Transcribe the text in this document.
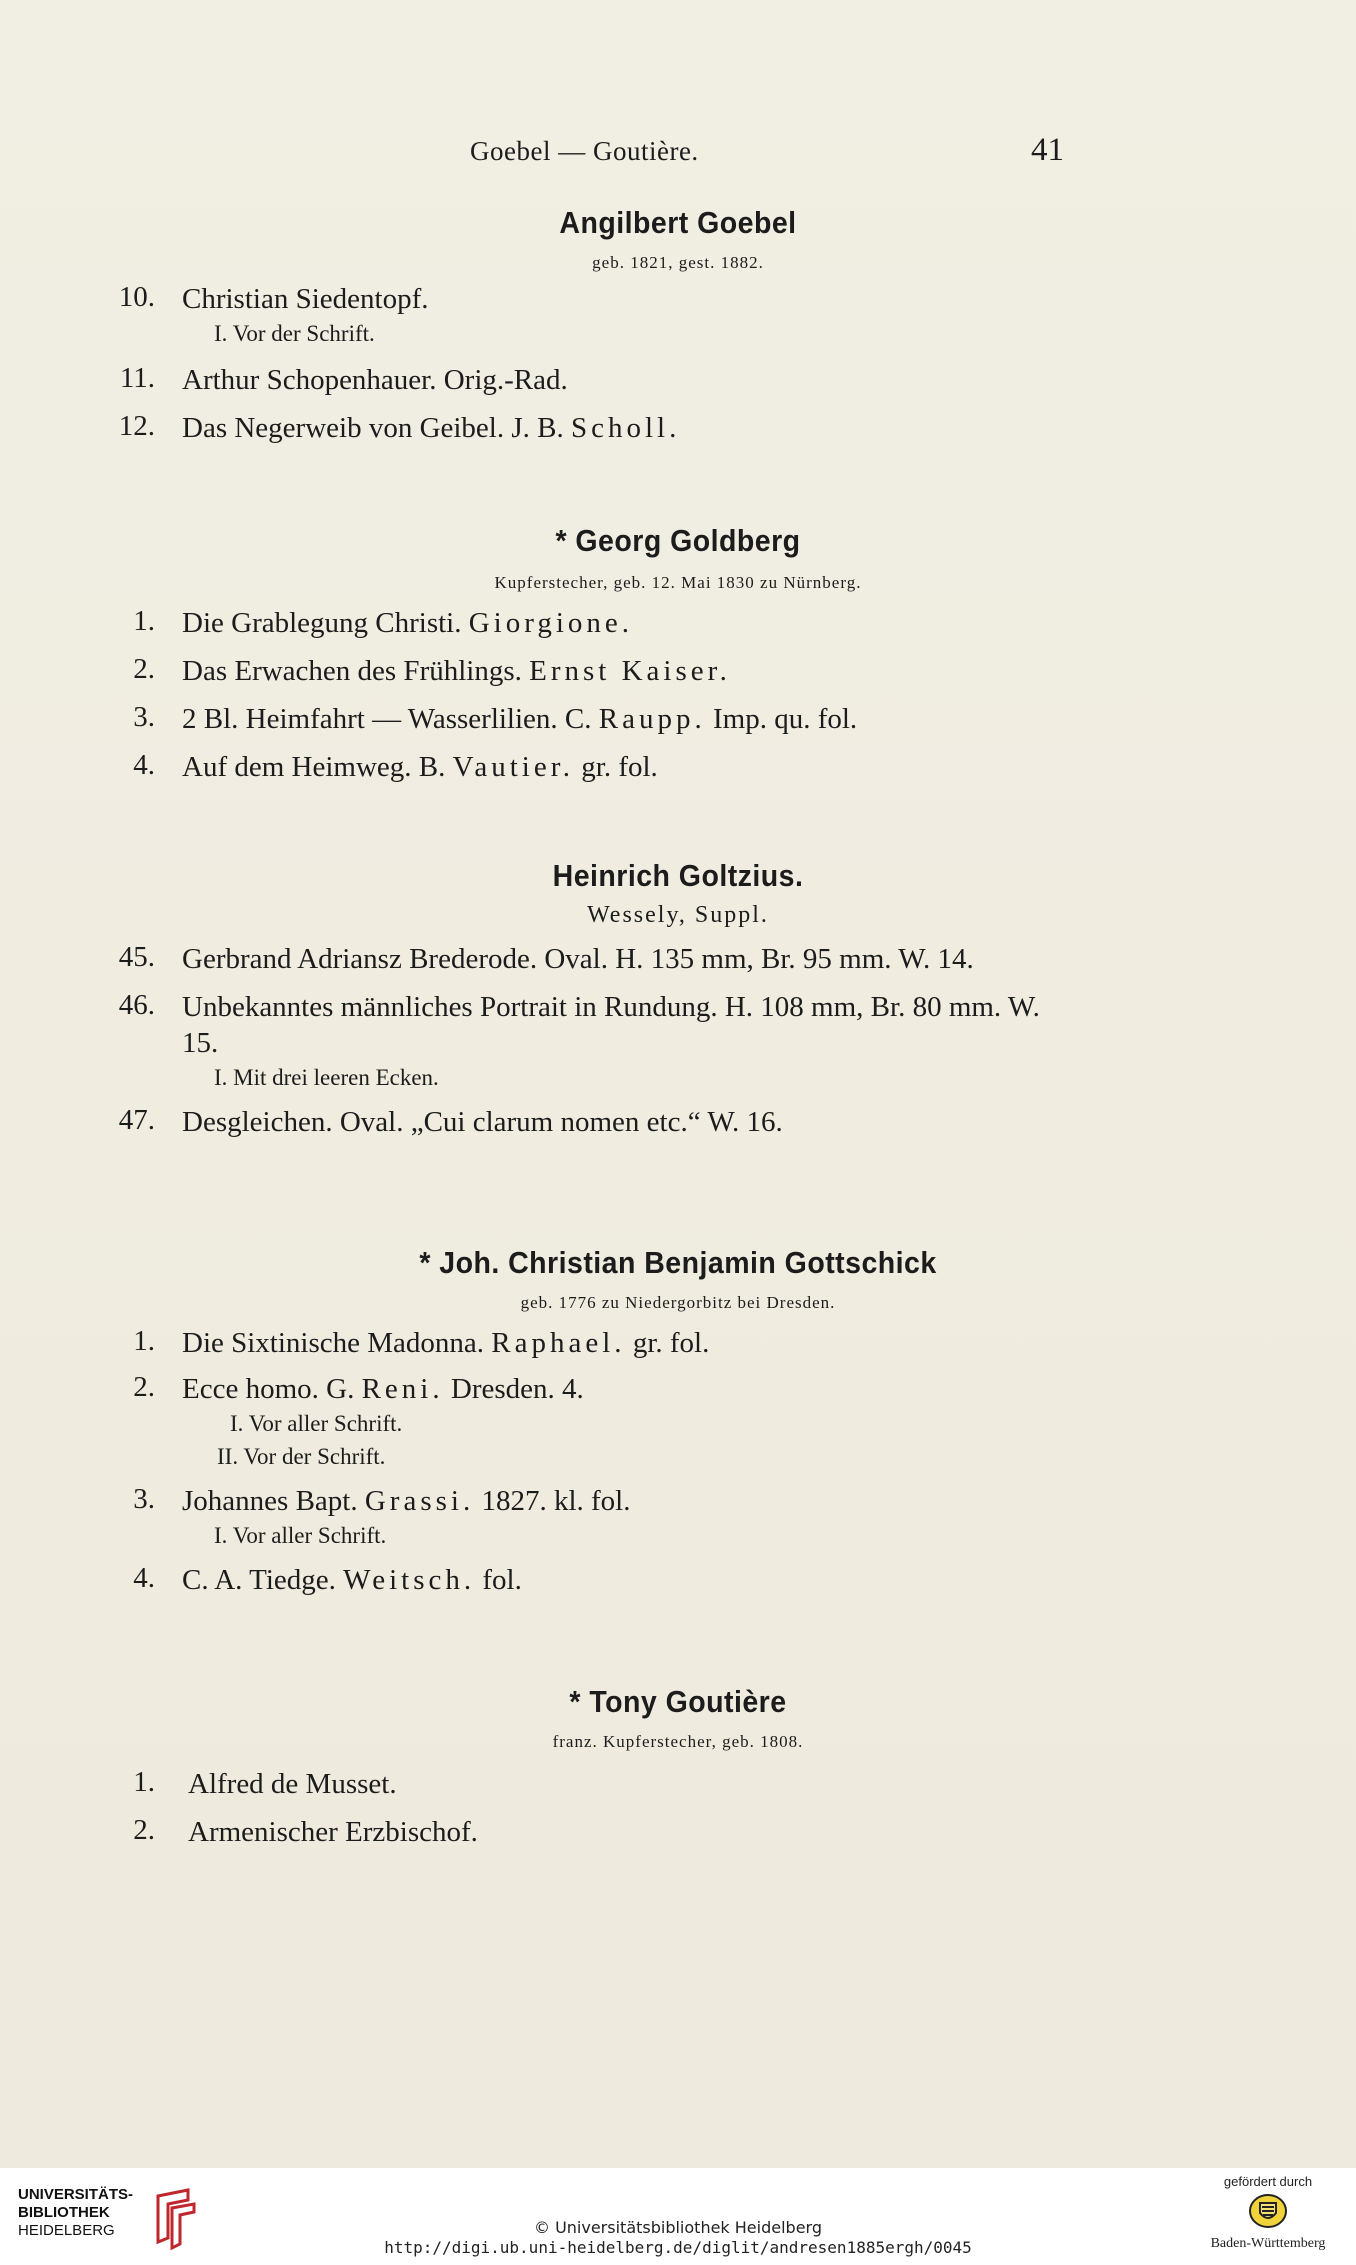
Goebel — Goutière.	41
Angilbert Goebel
geb. 1821, gest. 1882.
10. Christian Siedentopf.
I. Vor der Schrift.
11. Arthur Schopenhauer. Orig.-Rad.
12. Das Negerweib von Geibel. J. B. Scholl.
* Georg Goldberg
Kupferstecher, geb. 12. Mai 1830 zu Nürnberg.
1. Die Grablegung Christi. Giorgione.
2. Das Erwachen des Frühlings. Ernst Kaiser.
3. 2 Bl. Heimfahrt — Wasserlilien. C. Raupp. Imp. qu. fol.
4. Auf dem Heimweg. B. Vautier. gr. fol.
Heinrich Goltzius.
Wessely, Suppl.
45. Gerbrand Adriansz Brederode. Oval. H. 135 mm, Br. 95 mm. W. 14.
46. Unbekanntes männliches Portrait in Rundung. H. 108 mm, Br. 80 mm. W. 15.
I. Mit drei leeren Ecken.
47. Desgleichen. Oval. „Cui clarum nomen etc.“ W. 16.
* Joh. Christian Benjamin Gottschick
geb. 1776 zu Niedergorbitz bei Dresden.
1. Die Sixtinische Madonna. Raphael. gr. fol.
2. Ecce homo. G. Reni. Dresden. 4.
I. Vor aller Schrift.
II. Vor der Schrift.
3. Johannes Bapt. Grassi. 1827. kl. fol.
I. Vor aller Schrift.
4. C. A. Tiedge. Weitsch. fol.
* Tony Goutière
franz. Kupferstecher, geb. 1808.
1. Alfred de Musset.
2. Armenischer Erzbischof.
UNIVERSITÄTS-
BIBLIOTHEK
HEIDELBERG	© Universitätsbibliothek Heidelberg
http://digi.ub.uni-heidelberg.de/diglit/andresen1885ergh/0045
gefördert durch
Baden-Württemberg
